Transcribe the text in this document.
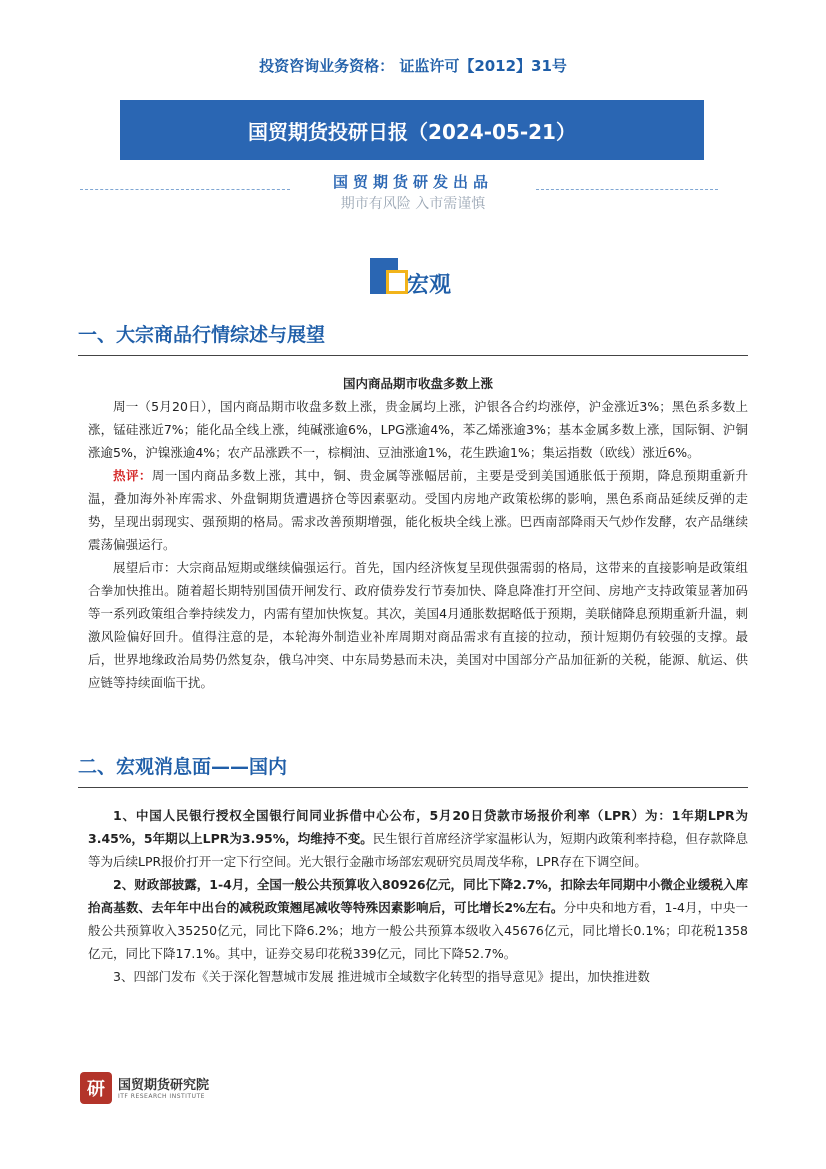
投资咨询业务资格： 证监许可【2012】31号
国贸期货投研日报（2024-05-21）
国贸期货研发出品
期市有风险 入市需谨慎
宏观
一、大宗商品行情综述与展望

国内商品期市收盘多数上涨

周一（5月20日），国内商品期市收盘多数上涨，贵金属均上涨，沪银各合约均涨停，沪金涨近3%；黑色系多数上涨，锰硅涨近7%；能化品全线上涨，纯碱涨逾6%，LPG涨逾4%，苯乙烯涨逾3%；基本金属多数上涨，国际铜、沪铜涨逾5%，沪镍涨逾4%；农产品涨跌不一，棕榈油、豆油涨逾1%，花生跌逾1%；集运指数（欧线）涨近6%。

热评：周一国内商品多数上涨，其中，铜、贵金属等涨幅居前，主要是受到美国通胀低于预期，降息预期重新升温，叠加海外补库需求、外盘铜期货遭遇挤仓等因素驱动。受国内房地产政策松绑的影响，黑色系商品延续反弹的走势，呈现出弱现实、强预期的格局。需求改善预期增强，能化板块全线上涨。巴西南部降雨天气炒作发酵，农产品继续震荡偏强运行。

展望后市：大宗商品短期或继续偏强运行。首先，国内经济恢复呈现供强需弱的格局，这带来的直接影响是政策组合拳加快推出。随着超长期特别国债开闸发行、政府债券发行节奏加快、降息降准打开空间、房地产支持政策显著加码等一系列政策组合拳持续发力，内需有望加快恢复。其次，美国4月通胀数据略低于预期，美联储降息预期重新升温，刺激风险偏好回升。值得注意的是，本轮海外制造业补库周期对商品需求有直接的拉动，预计短期仍有较强的支撑。最后，世界地缘政治局势仍然复杂，俄乌冲突、中东局势悬而未决，美国对中国部分产品加征新的关税，能源、航运、供应链等持续面临干扰。

二、宏观消息面——国内

1、中国人民银行授权全国银行间同业拆借中心公布，5月20日贷款市场报价利率（LPR）为：1年期LPR为3.45%，5年期以上LPR为3.95%，均维持不变。民生银行首席经济学家温彬认为，短期内政策利率持稳，但存款降息等为后续LPR报价打开一定下行空间。光大银行金融市场部宏观研究员周茂华称，LPR存在下调空间。

2、财政部披露，1-4月，全国一般公共预算收入80926亿元，同比下降2.7%，扣除去年同期中小微企业缓税入库抬高基数、去年年中出台的减税政策翘尾减收等特殊因素影响后，可比增长2%左右。分中央和地方看，1-4月，中央一般公共预算收入35250亿元，同比下降6.2%；地方一般公共预算本级收入45676亿元，同比增长0.1%；印花税1358亿元，同比下降17.1%。其中，证券交易印花税339亿元，同比下降52.7%。

3、四部门发布《关于深化智慧城市发展 推进城市全域数字化转型的指导意见》提出，加快推进数

研	国贸期货研究院
ITF RESEARCH INSTITUTE
